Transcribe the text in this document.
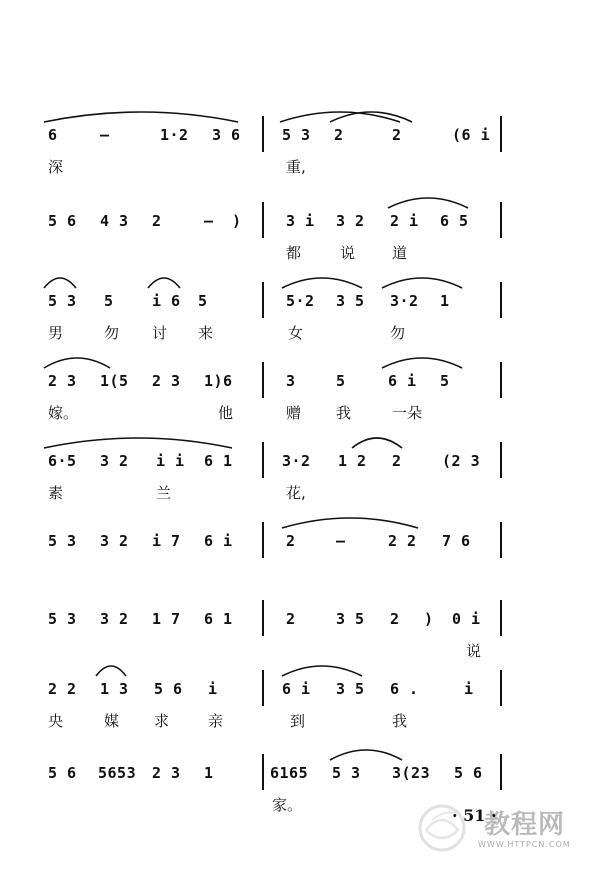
6	–	1·2 3 6	5 3 2	2	(6 i
深	重,
5 6 4 3 2	– )	3 i 3 2 2 i 6 5
都	说 道
5 3 5	i 6 5	5·2 3 5 3·2 1
男	勿 讨 来	女	勿
2 3 1(5 2 3 1)6	3	5	6 i 5
嫁。	他	赠 我	一朵
6·5 3 2 i i 6 1	3·2 1 2 2	(2 3
素	兰	花,
5 3 3 2 i 7 6 i	2	–	2 2 7 6
5 3 3 2 1 7 6 1	2	3 5 2 ) 0 i
说
2 2 1 3 5 6 i	6 i 3 5 6 .	i
央	媒 求	亲	到	我
5 6 5653 2 3 1	6165 5 3 3(23 5 6
家。
教程网
WWW.HTTPCN.COM
· 51 ·
